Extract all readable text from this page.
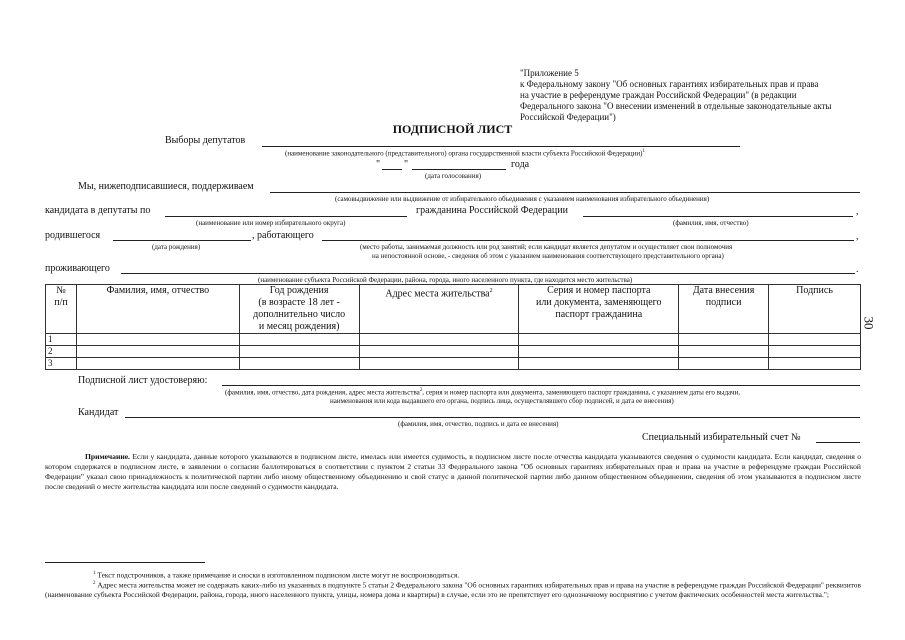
"Приложение 5
к Федеральному закону "Об основных гарантиях избирательных прав и права
на участие в референдуме граждан Российской Федерации" (в редакции
Федерального закона "О внесении изменений в отдельные законодательные акты
Российской Федерации")
30
ПОДПИСНОЙ ЛИСТ
Выборы депутатов
(наименование законодательного (представительного) органа государственной власти субъекта Российской Федерации)$^1$
" "	года
(дата голосования)
Мы, нижеподписавшиеся, поддерживаем
(самовыдвижение или выдвижение от избирательного объединения с указанием наименования избирательного объединения)
кандидата в депутаты по	гражданина Российской Федерации	,
(наименование или номер избирательного округа)	(фамилия, имя, отчество)
родившегося	, работающего	,
(дата рождения)	(место работы, занимаемая должность или род занятий; если кандидат является депутатом и осуществляет свои полномочия
на непостоянной основе, - сведения об этом с указанием наименования соответствующего представительного органа)
проживающего	.
(наименование субъекта Российской Федерации, района, города, иного населенного пункта, где находится место жительства)
№
п/п	Фамилия, имя, отчество	Год рождения
(в возрасте 18 лет -
дополнительно число
и месяц рождения)	Адрес места жительства$^2$	Серия и номер паспорта
или документа, заменяющего
паспорт гражданина	Дата внесения
подписи	Подпись
1						
2						
3						
Подписной лист удостоверяю:
(фамилия, имя, отчество, дата рождения, адрес места жительства$^2$, серия и номер паспорта или документа, заменяющего паспорт гражданина, с указанием даты его выдачи,
наименования или кода выдавшего его органа, подпись лица, осуществлявшего сбор подписей, и дата ее внесения)
Кандидат
(фамилия, имя, отчество, подпись и дата ее внесения)
Специальный избирательный счет №
Примечание. Если у кандидата, данные которого указываются в подписном листе, имелась или имеется судимость, в подписном листе после отчества кандидата указываются сведения о судимости кандидата. Если кандидат, сведения о котором содержатся в подписном листе, в заявлении о согласии баллотироваться в соответствии с пунктом 2 статьи 33 Федерального закона "Об основных гарантиях избирательных прав и права на участие в референдуме граждан Российской Федерации" указал свою принадлежность к политической партии либо иному общественному объединению и свой статус в данной политической партии либо данном общественном объединении, сведения об этом указываются в подписном листе после сведений о месте жительства кандидата или после сведений о судимости кандидата.
$^1$ Текст подстрочников, а также примечание и сноски в изготовленном подписном листе могут не воспроизводиться.
$^2$ Адрес места жительства может не содержать каких-либо из указанных в подпункте 5 статьи 2 Федерального закона "Об основных гарантиях избирательных прав и права на участие в референдуме граждан Российской Федерации" реквизитов (наименование субъекта Российской Федерации, района, города, иного населенного пункта, улицы, номера дома и квартиры) в случае, если это не препятствует его однозначному восприятию с учетом фактических особенностей места жительства.";
